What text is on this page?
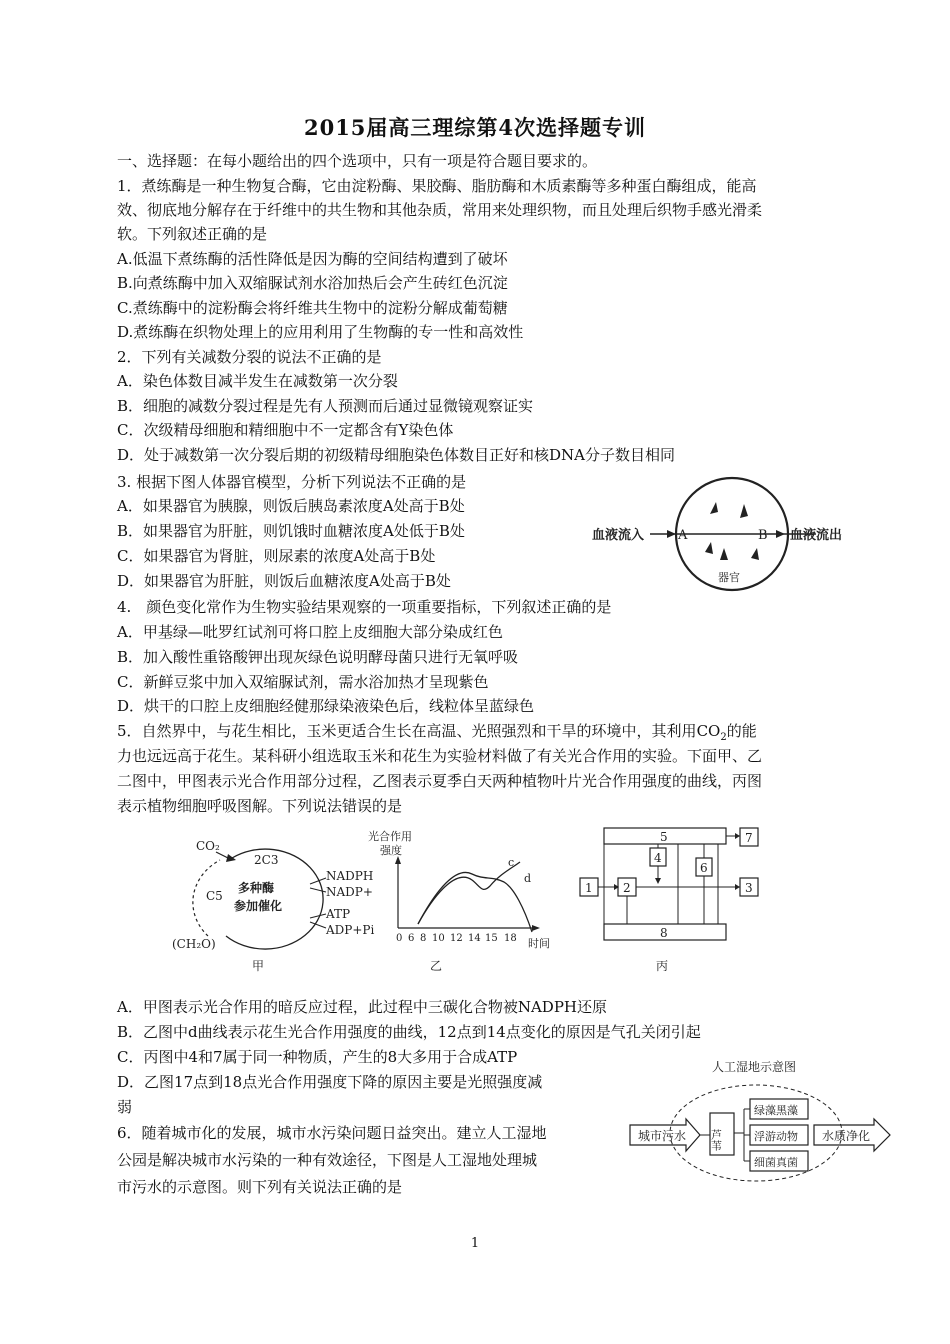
2015届高三理综第4次选择题专训
一、选择题：在每小题给出的四个选项中，只有一项是符合题目要求的。
1．煮练酶是一种生物复合酶，它由淀粉酶、果胶酶、脂肪酶和木质素酶等多种蛋白酶组成，能高
效、彻底地分解存在于纤维中的共生物和其他杂质，常用来处理织物，而且处理后织物手感光滑柔
软。下列叙述正确的是
A.低温下煮练酶的活性降低是因为酶的空间结构遭到了破坏
B.向煮练酶中加入双缩脲试剂水浴加热后会产生砖红色沉淀
C.煮练酶中的淀粉酶会将纤维共生物中的淀粉分解成葡萄糖
D.煮练酶在织物处理上的应用利用了生物酶的专一性和高效性
2．下列有关减数分裂的说法不正确的是
A．染色体数目减半发生在减数第一次分裂
B．细胞的减数分裂过程是先有人预测而后通过显微镜观察证实
C．次级精母细胞和精细胞中不一定都含有Y染色体
D．处于减数第一次分裂后期的初级精母细胞染色体数目正好和核DNA分子数目相同
3. 根据下图人体器官模型，分析下列说法不正确的是
A．如果器官为胰腺，则饭后胰岛素浓度A处高于B处
B．如果器官为肝脏，则饥饿时血糖浓度A处低于B处
C．如果器官为肾脏，则尿素的浓度A处高于B处
D．如果器官为肝脏，则饭后血糖浓度A处高于B处
血液流入	A	B 血液流出
器官
4.　颜色变化常作为生物实验结果观察的一项重要指标，下列叙述正确的是
A．甲基绿—吡罗红试剂可将口腔上皮细胞大部分染成红色
B．加入酸性重铬酸钾出现灰绿色说明酵母菌只进行无氧呼吸
C．新鲜豆浆中加入双缩脲试剂，需水浴加热才呈现紫色
D．烘干的口腔上皮细胞经健那绿染液染色后，线粒体呈蓝绿色
5．自然界中，与花生相比，玉米更适合生长在高温、光照强烈和干旱的环境中，其利用$CO_2$的能
力也远远高于花生。某科研小组选取玉米和花生为实验材料做了有关光合作用的实验。下面甲、乙
二图中，甲图表示光合作用部分过程，乙图表示夏季白天两种植物叶片光合作用强度的曲线，丙图
表示植物细胞呼吸图解。下列说法错误的是
CO₂
2C3
C5
多种酶
参加催化
NADPH
NADP+
ATP
ADP+Pi
(CH₂O)
甲
光合作用
强度
c
d
0 6 8 10 12 14 15 18 时间
乙
1	2	3
4
5
6
7
8
丙
A．甲图表示光合作用的暗反应过程，此过程中三碳化合物被NADPH还原
B．乙图中d曲线表示花生光合作用强度的曲线，12点到14点变化的原因是气孔关闭引起
C．丙图中4和7属于同一种物质，产生的8大多用于合成ATP
D．乙图17点到18点光合作用强度下降的原因主要是光照强度减
弱
6．随着城市化的发展，城市水污染问题日益突出。建立人工湿地
公园是解决城市水污染的一种有效途径，下图是人工湿地处理城
市污水的示意图。则下列有关说法正确的是
人工湿地示意图
城市污水 芦苇
绿藻黑藻
浮游动物
细菌真菌
水质净化
1
